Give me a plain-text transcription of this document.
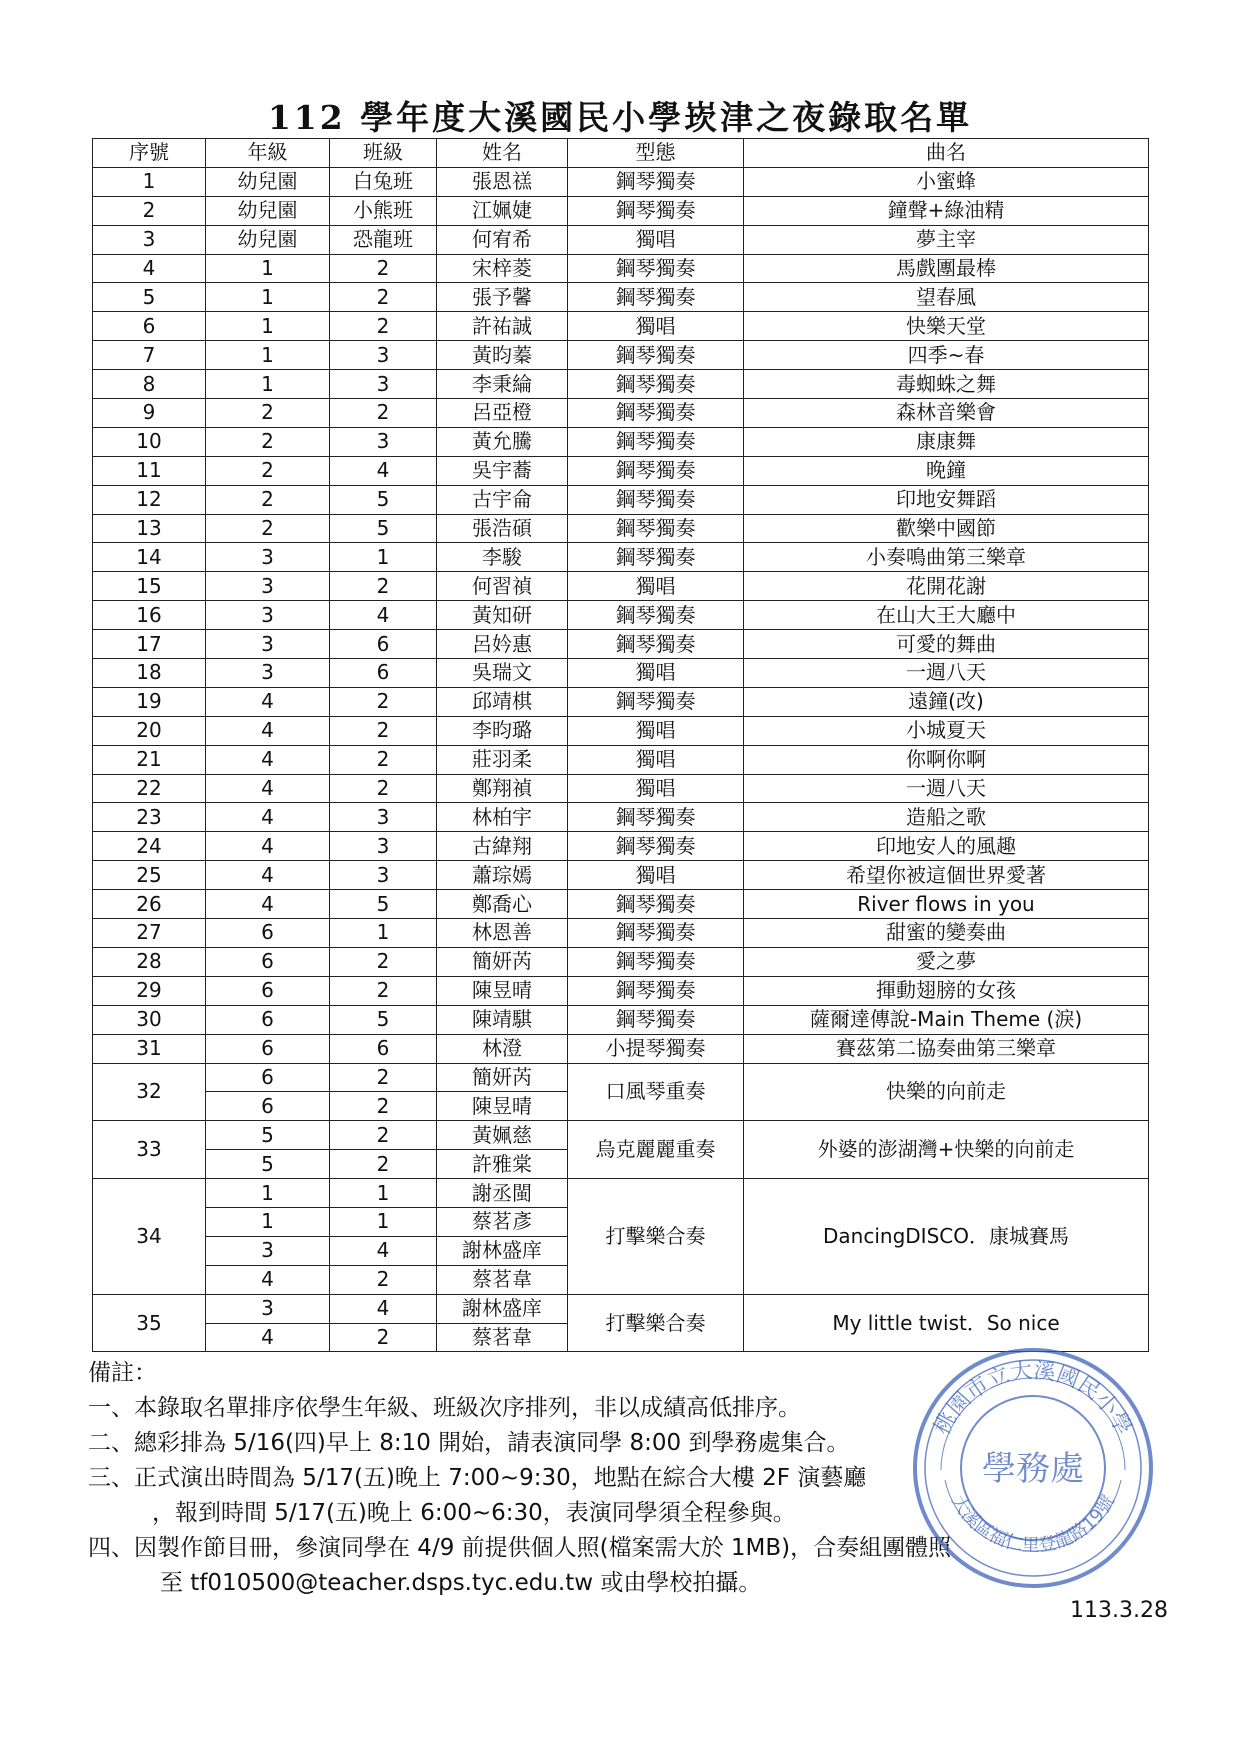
112 學年度大溪國民小學崁津之夜錄取名單
序號	年級	班級	姓名	型態	曲名
1	幼兒園	白兔班	張恩禚	鋼琴獨奏	小蜜蜂
2	幼兒園	小熊班	江姵婕	鋼琴獨奏	鐘聲+綠油精
3	幼兒園	恐龍班	何宥希	獨唱	夢主宰
4	1	2	宋梓菱	鋼琴獨奏	馬戲團最棒
5	1	2	張予馨	鋼琴獨奏	望春風
6	1	2	許祐誠	獨唱	快樂天堂
7	1	3	黃昀蓁	鋼琴獨奏	四季~春
8	1	3	李秉綸	鋼琴獨奏	毒蜘蛛之舞
9	2	2	呂亞橙	鋼琴獨奏	森林音樂會
10	2	3	黃允騰	鋼琴獨奏	康康舞
11	2	4	吳宇蕎	鋼琴獨奏	晚鐘
12	2	5	古宇侖	鋼琴獨奏	印地安舞蹈
13	2	5	張浩碩	鋼琴獨奏	歡樂中國節
14	3	1	李駿	鋼琴獨奏	小奏鳴曲第三樂章
15	3	2	何習禎	獨唱	花開花謝
16	3	4	黃知研	鋼琴獨奏	在山大王大廳中
17	3	6	呂妗惠	鋼琴獨奏	可愛的舞曲
18	3	6	吳瑞文	獨唱	一週八天
19	4	2	邱靖棋	鋼琴獨奏	遠鐘(改)
20	4	2	李昀璐	獨唱	小城夏天
21	4	2	莊羽柔	獨唱	你啊你啊
22	4	2	鄭翔禎	獨唱	一週八天
23	4	3	林柏宇	鋼琴獨奏	造船之歌
24	4	3	古緯翔	鋼琴獨奏	印地安人的風趣
25	4	3	蕭琮嫣	獨唱	希望你被這個世界愛著
26	4	5	鄭喬心	鋼琴獨奏	River flows in you
27	6	1	林恩善	鋼琴獨奏	甜蜜的變奏曲
28	6	2	簡妍芮	鋼琴獨奏	愛之夢
29	6	2	陳昱晴	鋼琴獨奏	揮動翅膀的女孩
30	6	5	陳靖騏	鋼琴獨奏	薩爾達傳說-Main Theme (淚)
31	6	6	林澄	小提琴獨奏	賽茲第二協奏曲第三樂章
32	6	2	簡妍芮	口風琴重奏	快樂的向前走
	6	2	陳昱晴		
33	5	2	黃姵慈	烏克麗麗重奏	外婆的澎湖灣+快樂的向前走
	5	2	許雅棠		
34	1	1	謝丞閩	打擊樂合奏	DancingDISCO．康城賽馬
	1	1	蔡茗彥		
	3	4	謝林盛庠		
	4	2	蔡茗韋		
35	3	4	謝林盛庠	打擊樂合奏	My little twist．So nice
	4	2	蔡茗韋		
備註：
一、本錄取名單排序依學生年級、班級次序排列，非以成績高低排序。
二、總彩排為 5/16(四)早上 8:10 開始，請表演同學 8:00 到學務處集合。
三、正式演出時間為 5/17(五)晚上 7:00~9:30，地點在綜合大樓 2F 演藝廳
，報到時間 5/17(五)晚上 6:00~6:30，表演同學須全程參與。
四、因製作節目冊，參演同學在 4/9 前提供個人照(檔案需大於 1MB)，合奏組團體照
至 tf010500@teacher.dsps.tyc.edu.tw 或由學校拍攝。
113.3.28
桃園市立大溪國民小學
大溪區福仁里登龍路19號
學務處
